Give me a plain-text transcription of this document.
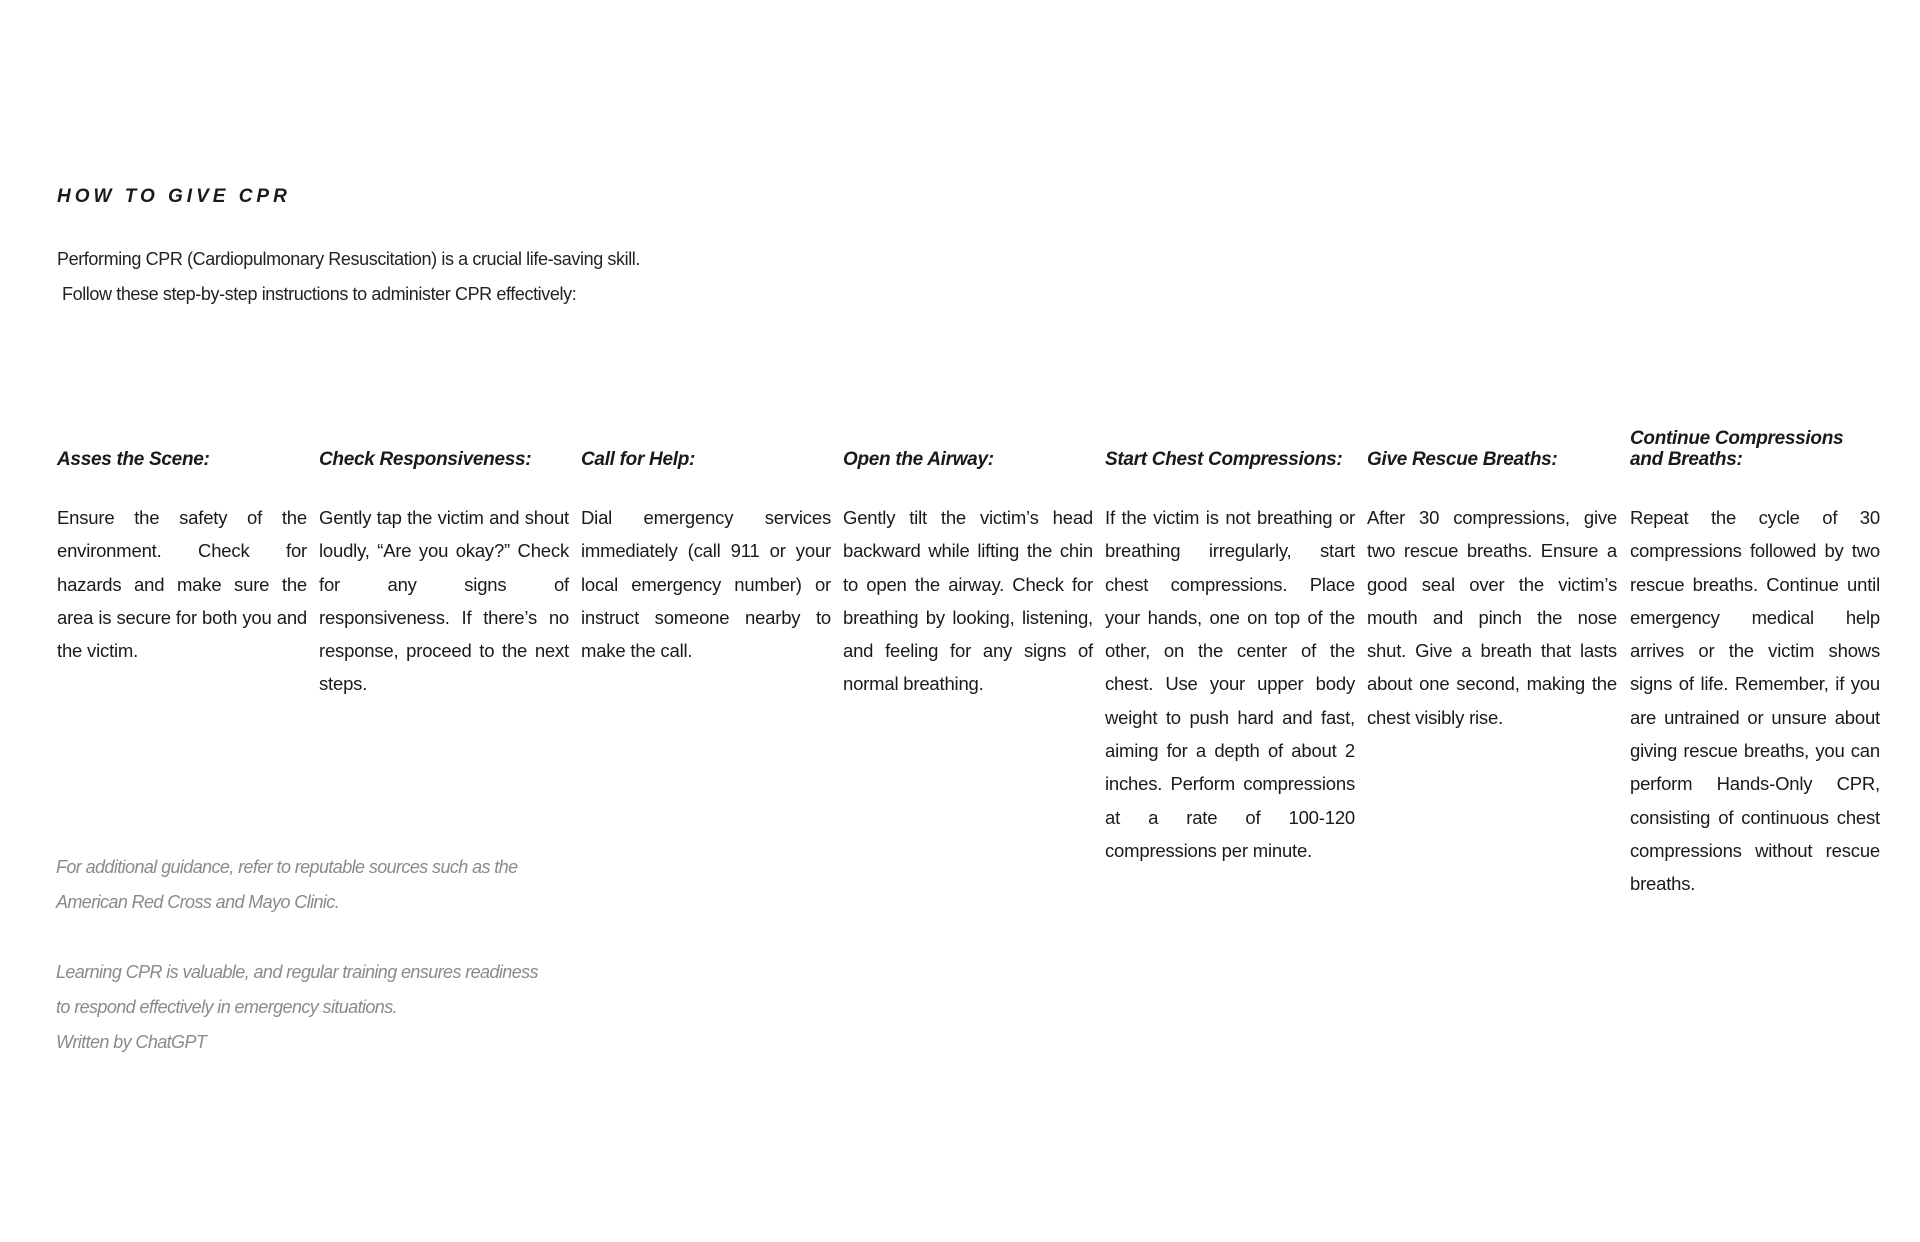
HOW TO GIVE CPR
Performing CPR (Cardiopulmonary Resuscitation) is a crucial life-saving skill.
Follow these step-by-step instructions to administer CPR effectively:
Asses the Scene:
Ensure the safety of the environment. Check for hazards and make sure the area is secure for both you and the victim.
Check Responsiveness:
Gently tap the victim and shout loudly, “Are you okay?” Check for any signs of responsiveness. If there’s no response, proceed to the next steps.
Call for Help:
Dial emergency services immediately (call 911 or your local emergency number) or instruct someone nearby to make the call.
Open the Airway:
Gently tilt the victim’s head backward while lifting the chin to open the airway. Check for breathing by looking, listening, and feeling for any signs of normal breathing.
Start Chest Compressions:
If the victim is not breathing or breathing irregularly, start chest compressions. Place your hands, one on top of the other, on the center of the chest. Use your upper body weight to push hard and fast, aiming for a depth of about 2 inches. Perform compressions at a rate of 100-120 compressions per minute.
Give Rescue Breaths:
After 30 compressions, give two rescue breaths. Ensure a good seal over the victim’s mouth and pinch the nose shut. Give a breath that lasts about one second, making the chest visibly rise.
Continue Compressions and Breaths:
Repeat the cycle of 30 compressions followed by two rescue breaths. Continue until emergency medical help arrives or the victim shows signs of life. Remember, if you are untrained or unsure about giving rescue breaths, you can perform Hands-Only CPR, consisting of continuous chest compressions without rescue breaths.

For additional guidance, refer to reputable sources such as the

American Red Cross and Mayo Clinic.

Learning CPR is valuable, and regular training ensures readiness

to respond effectively in emergency situations.

Written by ChatGPT
